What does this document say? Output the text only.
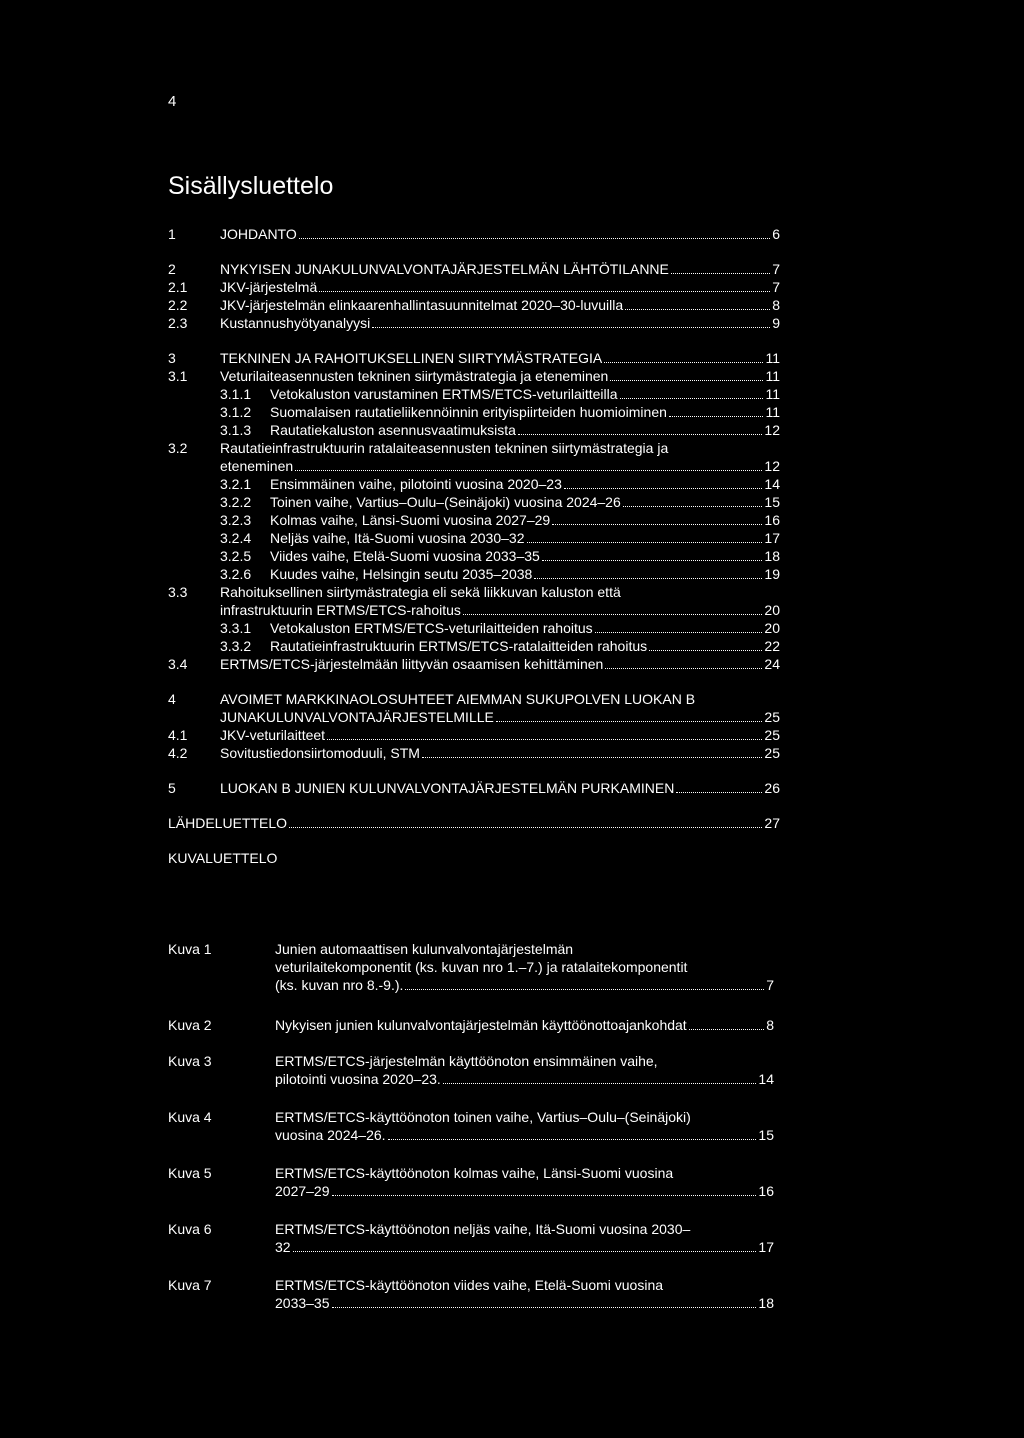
4
Sisällysluettelo
1	JOHDANTO	6
2	NYKYISEN JUNAKULUNVALVONTAJÄRJESTELMÄN LÄHTÖTILANNE	7
2.1 JKV-järjestelmä	7
2.2 JKV-järjestelmän elinkaarenhallintasuunnitelmat 2020–30-luvuilla	8
2.3 Kustannushyötyanalyysi	9
3	TEKNINEN JA RAHOITUKSELLINEN SIIRTYMÄSTRATEGIA	11
3.1 Veturilaiteasennusten tekninen siirtymästrategia ja eteneminen	11
3.1.1 Vetokaluston varustaminen ERTMS/ETCS-veturilaitteilla	11
3.1.2 Suomalaisen rautatieliikennöinnin erityispiirteiden huomioiminen	11
3.1.3 Rautatiekaluston asennusvaatimuksista	12
3.2 Rautatieinfrastruktuurin ratalaiteasennusten tekninen siirtymästrategia ja
eteneminen	12
3.2.1 Ensimmäinen vaihe, pilotointi vuosina 2020–23	14
3.2.2 Toinen vaihe, Vartius–Oulu–(Seinäjoki) vuosina 2024–26	15
3.2.3 Kolmas vaihe, Länsi-Suomi vuosina 2027–29	16
3.2.4 Neljäs vaihe, Itä-Suomi vuosina 2030–32	17
3.2.5 Viides vaihe, Etelä-Suomi vuosina 2033–35	18
3.2.6 Kuudes vaihe, Helsingin seutu 2035–2038	19
3.3 Rahoituksellinen siirtymästrategia eli sekä liikkuvan kaluston että
infrastruktuurin ERTMS/ETCS-rahoitus	20
3.3.1 Vetokaluston ERTMS/ETCS-veturilaitteiden rahoitus	20
3.3.2 Rautatieinfrastruktuurin ERTMS/ETCS-ratalaitteiden rahoitus	22
3.4 ERTMS/ETCS-järjestelmään liittyvän osaamisen kehittäminen	24
4	AVOIMET MARKKINAOLOSUHTEET AIEMMAN SUKUPOLVEN LUOKAN B
JUNAKULUNVALVONTAJÄRJESTELMILLE	25
4.1 JKV-veturilaitteet	25
4.2 Sovitustiedonsiirtomoduuli, STM	25
5	LUOKAN B JUNIEN KULUNVALVONTAJÄRJESTELMÄN PURKAMINEN	26
LÄHDELUETTELO	27
KUVALUETTELO
Kuva 1	Junien automaattisen kulunvalvontajärjestelmän
veturilaitekomponentit (ks. kuvan nro 1.–7.) ja ratalaitekomponentit
(ks. kuvan nro 8.-9.).	7
Kuva 2	Nykyisen junien kulunvalvontajärjestelmän käyttöönottoajankohdat	8
Kuva 3	ERTMS/ETCS-järjestelmän käyttöönoton ensimmäinen vaihe,
pilotointi vuosina 2020–23.	14
Kuva 4	ERTMS/ETCS-käyttöönoton toinen vaihe, Vartius–Oulu–(Seinäjoki)
vuosina 2024–26.	15
Kuva 5	ERTMS/ETCS-käyttöönoton kolmas vaihe, Länsi-Suomi vuosina
2027–29	16
Kuva 6	ERTMS/ETCS-käyttöönoton neljäs vaihe, Itä-Suomi vuosina 2030–
32	17
Kuva 7	ERTMS/ETCS-käyttöönoton viides vaihe, Etelä-Suomi vuosina
2033–35	18
